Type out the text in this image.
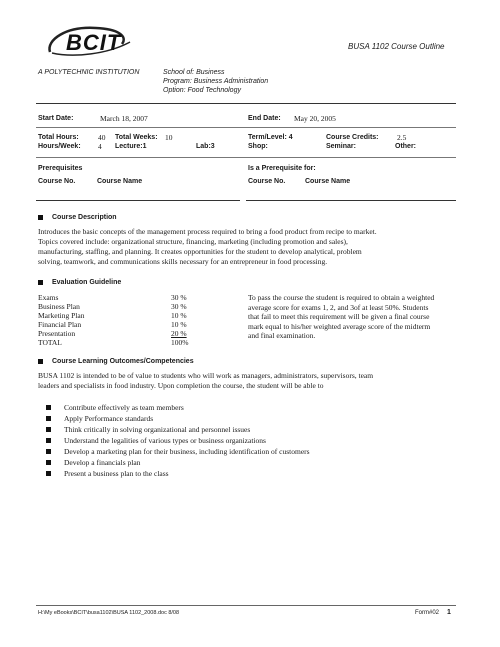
BCIT	BUSA 1102 Course Outline
A POLYTECHNIC INSTITUTION	School of: Business
Program: Business Administration
Option: Food Technology
Start Date:	March 18, 2007	End Date: May 20, 2005
Total Hours:	40 Total Weeks: 10	Term/Level: 4	Course Credits: 2.5
Hours/Week: 4 Lecture:1	Lab:3	Shop:	Seminar:	Other:
Prerequisites	Is a Prerequisite for:
Course No.	Course Name	Course No.	Course Name
Course Description
Introduces the basic concepts of the management process required to bring a food product from recipe to market.
Topics covered include: organizational structure, financing, marketing (including promotion and sales),
manufacturing, staffing, and planning. It creates opportunities for the student to develop analytical, problem
solving, teamwork, and communications skills necessary for an entrepreneur in food processing.
Evaluation Guideline
Exams	30 %
Business Plan	30 %
Marketing Plan	10 %
Financial Plan	10 %
Presentation	20 %
TOTAL	100%
To pass the course the student is required to obtain a weighted
average score for exams 1, 2, and 3of at least 50%. Students
that fail to meet this requirement will be given a final course
mark equal to his/her weighted average score of the midterm
and final examination.
Course Learning Outcomes/Competencies
BUSA 1102 is intended to be of value to students who will work as managers, administrators, supervisors, team
leaders and specialists in food industry. Upon completion the course, the student will be able to
Contribute effectively as team members
Apply Performance standards
Think critically in solving organizational and personnel issues
Understand the legalities of various types or business organizations
Develop a marketing plan for their business, including identification of customers
Develop a financials plan
Present a business plan to the class
H:\My eBooks\BCIT\busa1102\BUSA 1102_2008.doc 8/08	Form#02 1
